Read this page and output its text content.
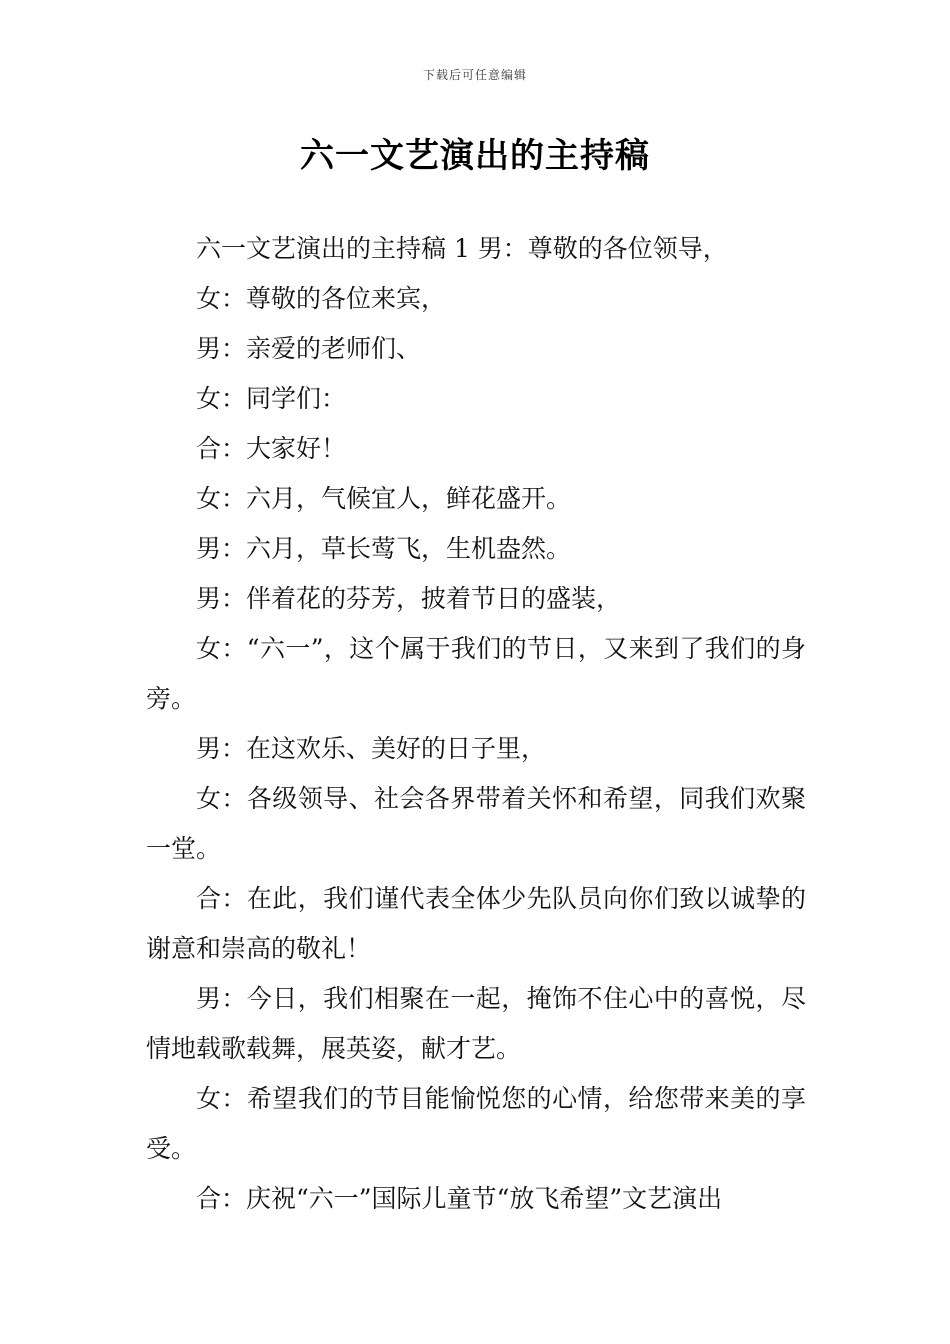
下载后可任意编辑
六一文艺演出的主持稿

六一文艺演出的主持稿 1 男：尊敬的各位领导，

女：尊敬的各位来宾，

男：亲爱的老师们、

女：同学们：

合：大家好！

女：六月，气候宜人，鲜花盛开。

男：六月，草长莺飞，生机盎然。

男：伴着花的芬芳，披着节日的盛装，

女：“六一”，这个属于我们的节日，又来到了我们的身旁。

男：在这欢乐、美好的日子里，

女：各级领导、社会各界带着关怀和希望，同我们欢聚一堂。

合：在此，我们谨代表全体少先队员向你们致以诚挚的谢意和崇高的敬礼！

男：今日，我们相聚在一起，掩饰不住心中的喜悦，尽情地载歌载舞，展英姿，献才艺。

女：希望我们的节目能愉悦您的心情，给您带来美的享受。

合：庆祝“六一”国际儿童节“放飞希望”文艺演出
